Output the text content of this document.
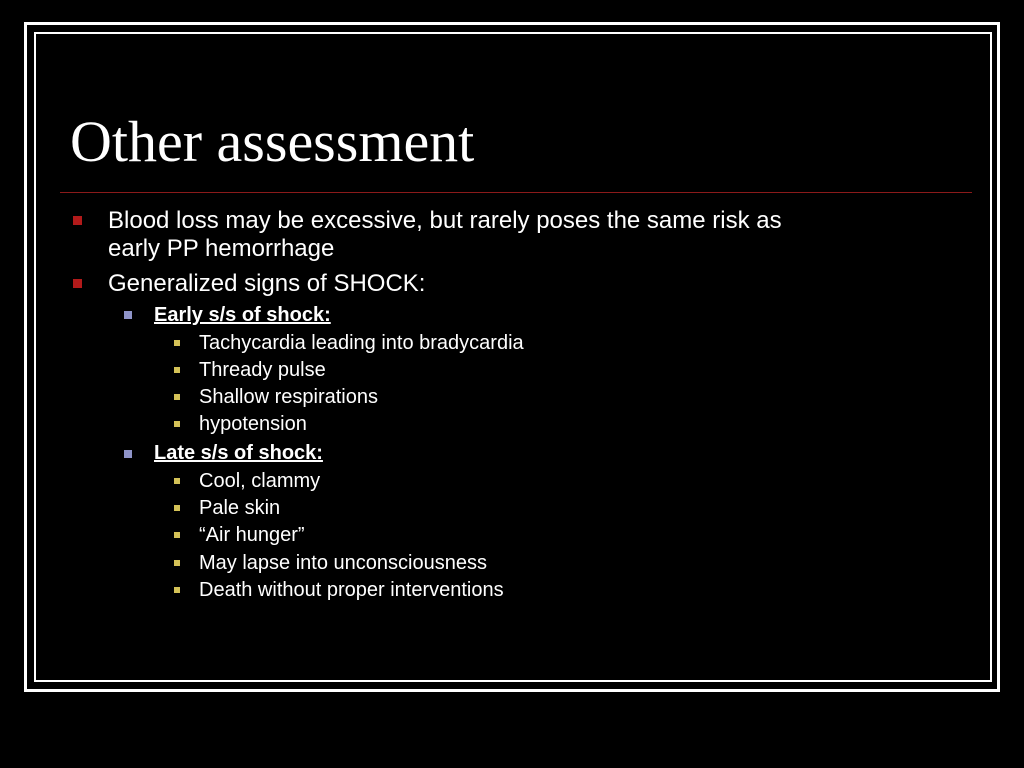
Other assessment
Blood loss may be excessive, but rarely poses the same risk as
early PP hemorrhage
Generalized signs of SHOCK:
Early s/s of shock:
Tachycardia leading into bradycardia
Thready pulse
Shallow respirations
hypotension
Late s/s of shock:
Cool, clammy
Pale skin
“Air hunger”
May lapse into unconsciousness
Death without proper interventions
